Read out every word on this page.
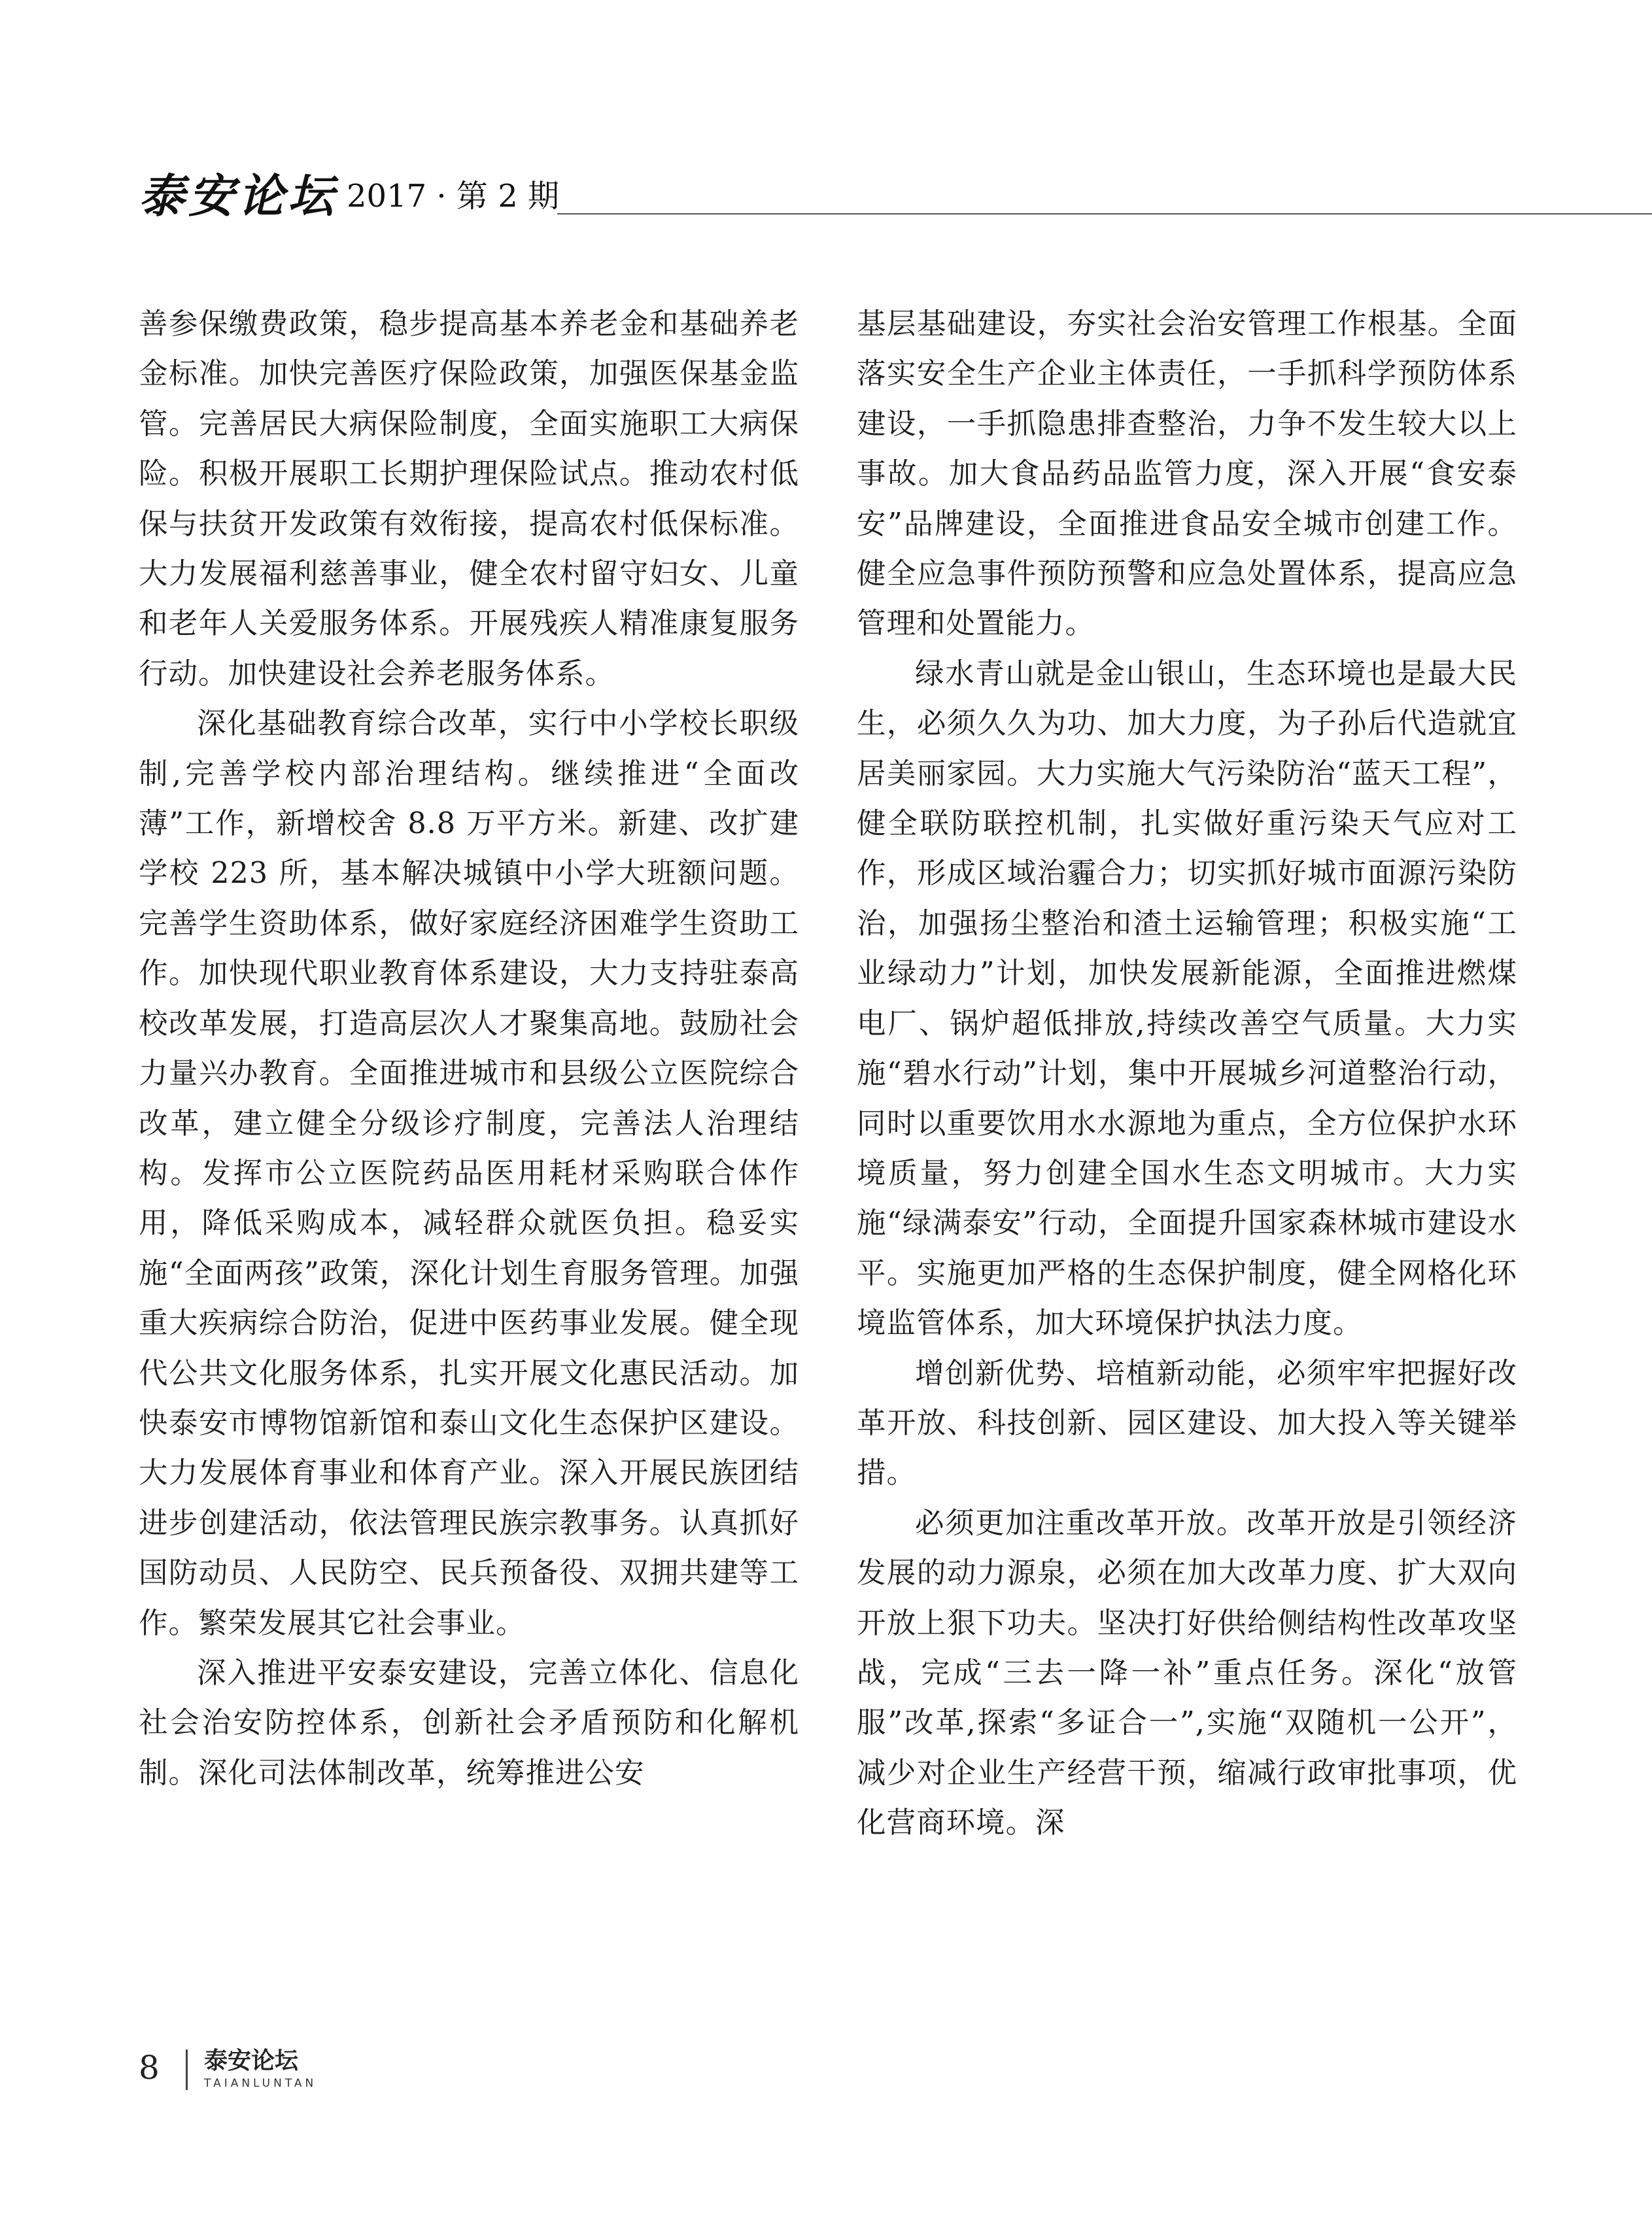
泰安论坛 2017 · 第 2 期

善参保缴费政策，稳步提高基本养老金和基础养老金标准。加快完善医疗保险政策，加强医保基金监管。完善居民大病保险制度，全面实施职工大病保险。积极开展职工长期护理保险试点。推动农村低保与扶贫开发政策有效衔接，提高农村低保标准。大力发展福利慈善事业，健全农村留守妇女、儿童和老年人关爱服务体系。开展残疾人精准康复服务行动。加快建设社会养老服务体系。

深化基础教育综合改革，实行中小学校长职级制,完善学校内部治理结构。继续推进“全面改薄”工作，新增校舍 8.8 万平方米。新建、改扩建学校 223 所，基本解决城镇中小学大班额问题。完善学生资助体系，做好家庭经济困难学生资助工作。加快现代职业教育体系建设，大力支持驻泰高校改革发展，打造高层次人才聚集高地。鼓励社会力量兴办教育。全面推进城市和县级公立医院综合改革，建立健全分级诊疗制度，完善法人治理结构。发挥市公立医院药品医用耗材采购联合体作用，降低采购成本，减轻群众就医负担。稳妥实施“全面两孩”政策，深化计划生育服务管理。加强重大疾病综合防治，促进中医药事业发展。健全现代公共文化服务体系，扎实开展文化惠民活动。加快泰安市博物馆新馆和泰山文化生态保护区建设。大力发展体育事业和体育产业。深入开展民族团结进步创建活动，依法管理民族宗教事务。认真抓好国防动员、人民防空、民兵预备役、双拥共建等工作。繁荣发展其它社会事业。

深入推进平安泰安建设，完善立体化、信息化社会治安防控体系，创新社会矛盾预防和化解机制。深化司法体制改革，统筹推进公安

基层基础建设，夯实社会治安管理工作根基。全面落实安全生产企业主体责任，一手抓科学预防体系建设，一手抓隐患排查整治，力争不发生较大以上事故。加大食品药品监管力度，深入开展“食安泰安”品牌建设，全面推进食品安全城市创建工作。健全应急事件预防预警和应急处置体系，提高应急管理和处置能力。

绿水青山就是金山银山，生态环境也是最大民生，必须久久为功、加大力度，为子孙后代造就宜居美丽家园。大力实施大气污染防治“蓝天工程”，健全联防联控机制，扎实做好重污染天气应对工作，形成区域治霾合力；切实抓好城市面源污染防治，加强扬尘整治和渣土运输管理；积极实施“工业绿动力”计划，加快发展新能源，全面推进燃煤电厂、锅炉超低排放,持续改善空气质量。大力实施“碧水行动”计划，集中开展城乡河道整治行动，同时以重要饮用水水源地为重点，全方位保护水环境质量，努力创建全国水生态文明城市。大力实施“绿满泰安”行动，全面提升国家森林城市建设水平。实施更加严格的生态保护制度，健全网格化环境监管体系，加大环境保护执法力度。

增创新优势、培植新动能，必须牢牢把握好改革开放、科技创新、园区建设、加大投入等关键举措。

必须更加注重改革开放。改革开放是引领经济发展的动力源泉，必须在加大改革力度、扩大双向开放上狠下功夫。坚决打好供给侧结构性改革攻坚战，完成“三去一降一补”重点任务。深化“放管服”改革,探索“多证合一”,实施“双随机一公开”，减少对企业生产经营干预，缩减行政审批事项，优化营商环境。深

8 泰安论坛
TAIANLUNTAN
